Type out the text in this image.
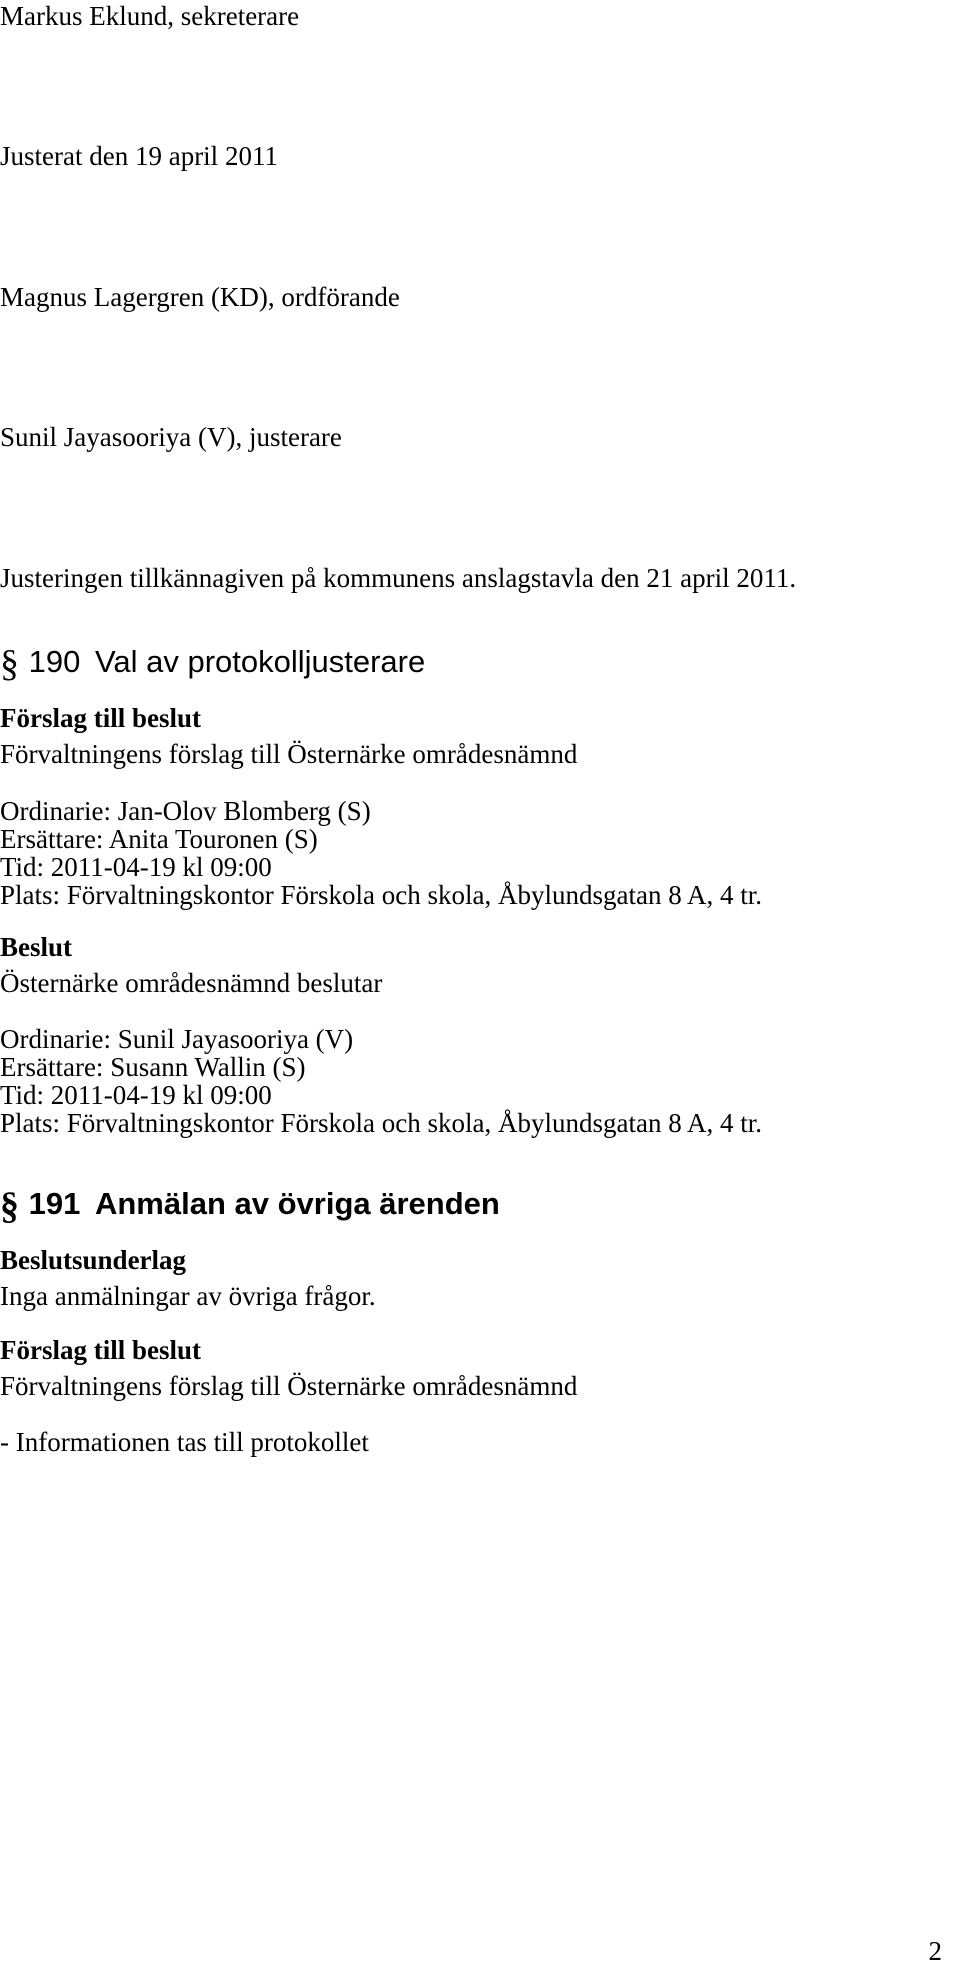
Markus Eklund, sekreterare
Justerat den 19 april 2011
Magnus Lagergren (KD), ordförande
Sunil Jayasooriya (V), justerare
Justeringen tillkännagiven på kommunens anslagstavla den 21 april 2011.
§ 190 Val av protokolljusterare
Förslag till beslut
Förvaltningens förslag till Östernärke områdesnämnd
Ordinarie: Jan-Olov Blomberg (S)
Ersättare: Anita Touronen (S)
Tid: 2011-04-19 kl 09:00
Plats: Förvaltningskontor Förskola och skola, Åbylundsgatan 8 A, 4 tr.
Beslut
Östernärke områdesnämnd beslutar
Ordinarie: Sunil Jayasooriya (V)
Ersättare: Susann Wallin (S)
Tid: 2011-04-19 kl 09:00
Plats: Förvaltningskontor Förskola och skola, Åbylundsgatan 8 A, 4 tr.
§ 191 Anmälan av övriga ärenden
Beslutsunderlag
Inga anmälningar av övriga frågor.
Förslag till beslut
Förvaltningens förslag till Östernärke områdesnämnd
- Informationen tas till protokollet
2
